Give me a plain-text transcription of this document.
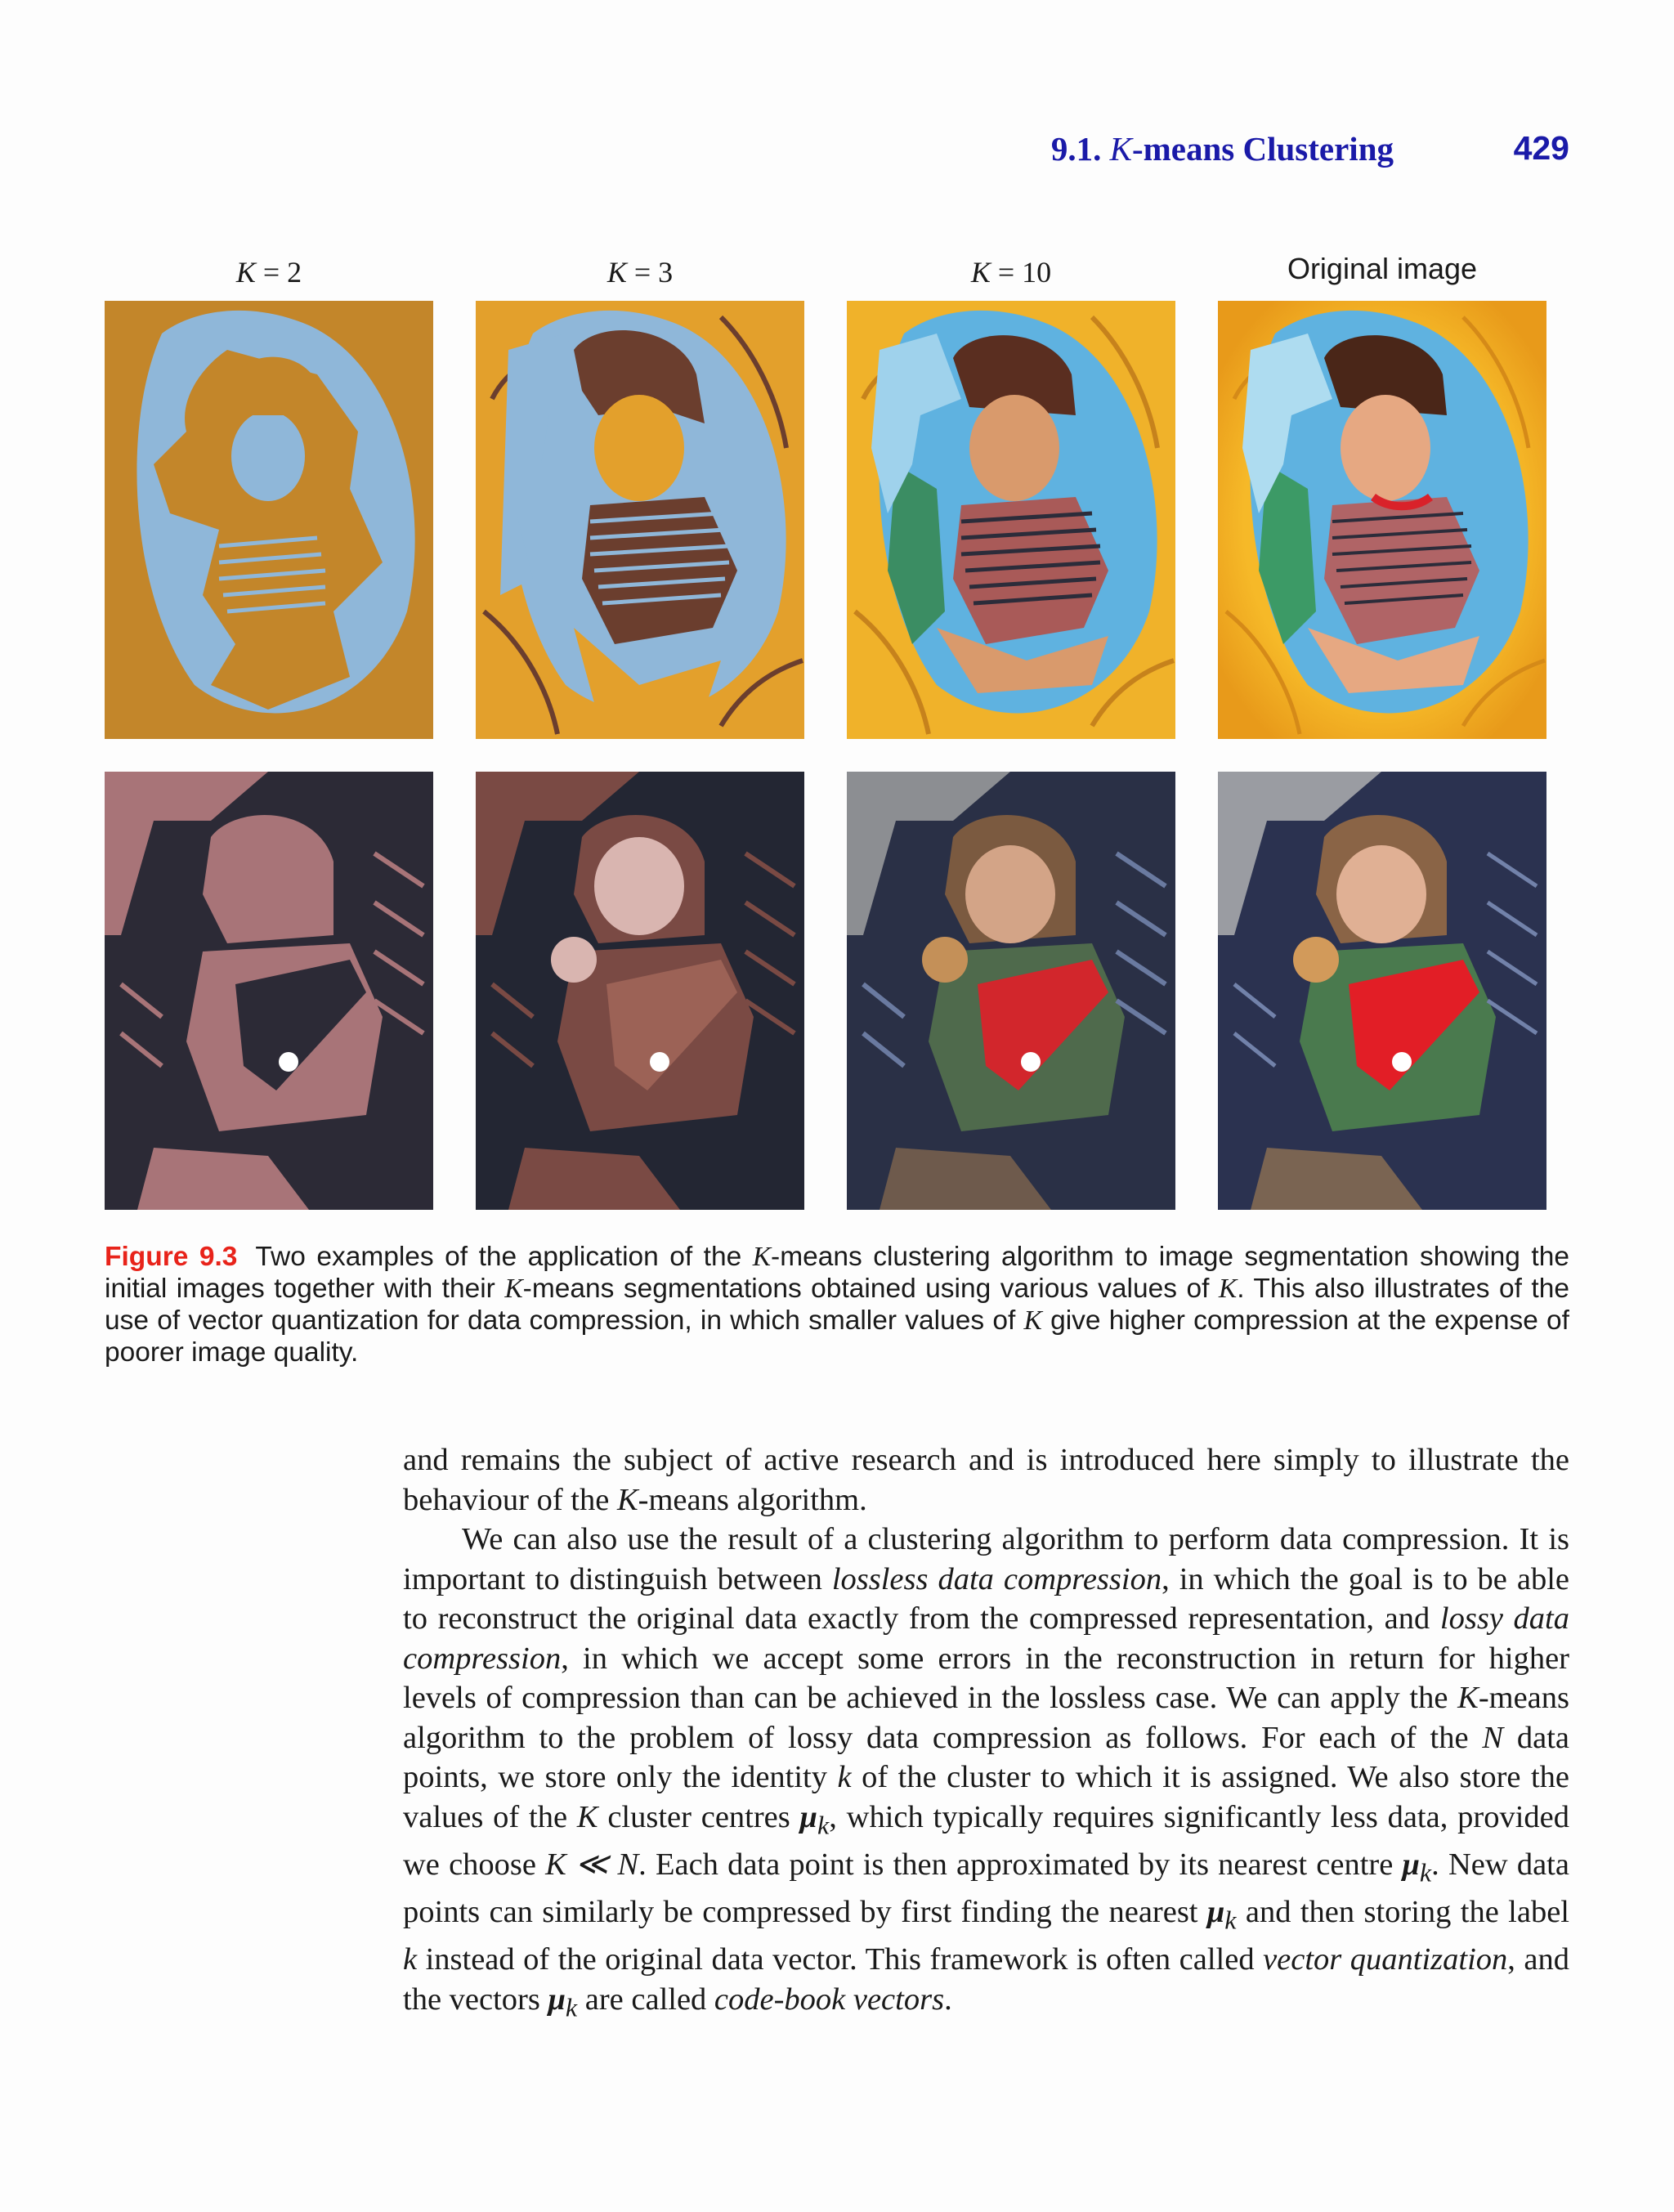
9.1. K-means Clustering	429
K = 2	K = 3	K = 10	Original image
Figure 9.3 Two examples of the application of the K-means clustering algorithm to image segmentation showing the initial images together with their K-means segmentations obtained using various values of K. This also illustrates of the use of vector quantization for data compression, in which smaller values of K give higher compression at the expense of poorer image quality.

and remains the subject of active research and is introduced here simply to illustrate the behaviour of the K-means algorithm.

We can also use the result of a clustering algorithm to perform data compression. It is important to distinguish between lossless data compression, in which the goal is to be able to reconstruct the original data exactly from the compressed representation, and lossy data compression, in which we accept some errors in the reconstruction in return for higher levels of compression than can be achieved in the lossless case. We can apply the K-means algorithm to the problem of lossy data compression as follows. For each of the N data points, we store only the identity k of the cluster to which it is assigned. We also store the values of the K cluster centres $\mu_k$, which typically requires significantly less data, provided we choose K ≪ N. Each data point is then approximated by its nearest centre $\mu_k$. New data points can similarly be compressed by first finding the nearest $\mu_k$ and then storing the label k instead of the original data vector. This framework is often called vector quantization, and the vectors $\mu_k$ are called code-book vectors.
